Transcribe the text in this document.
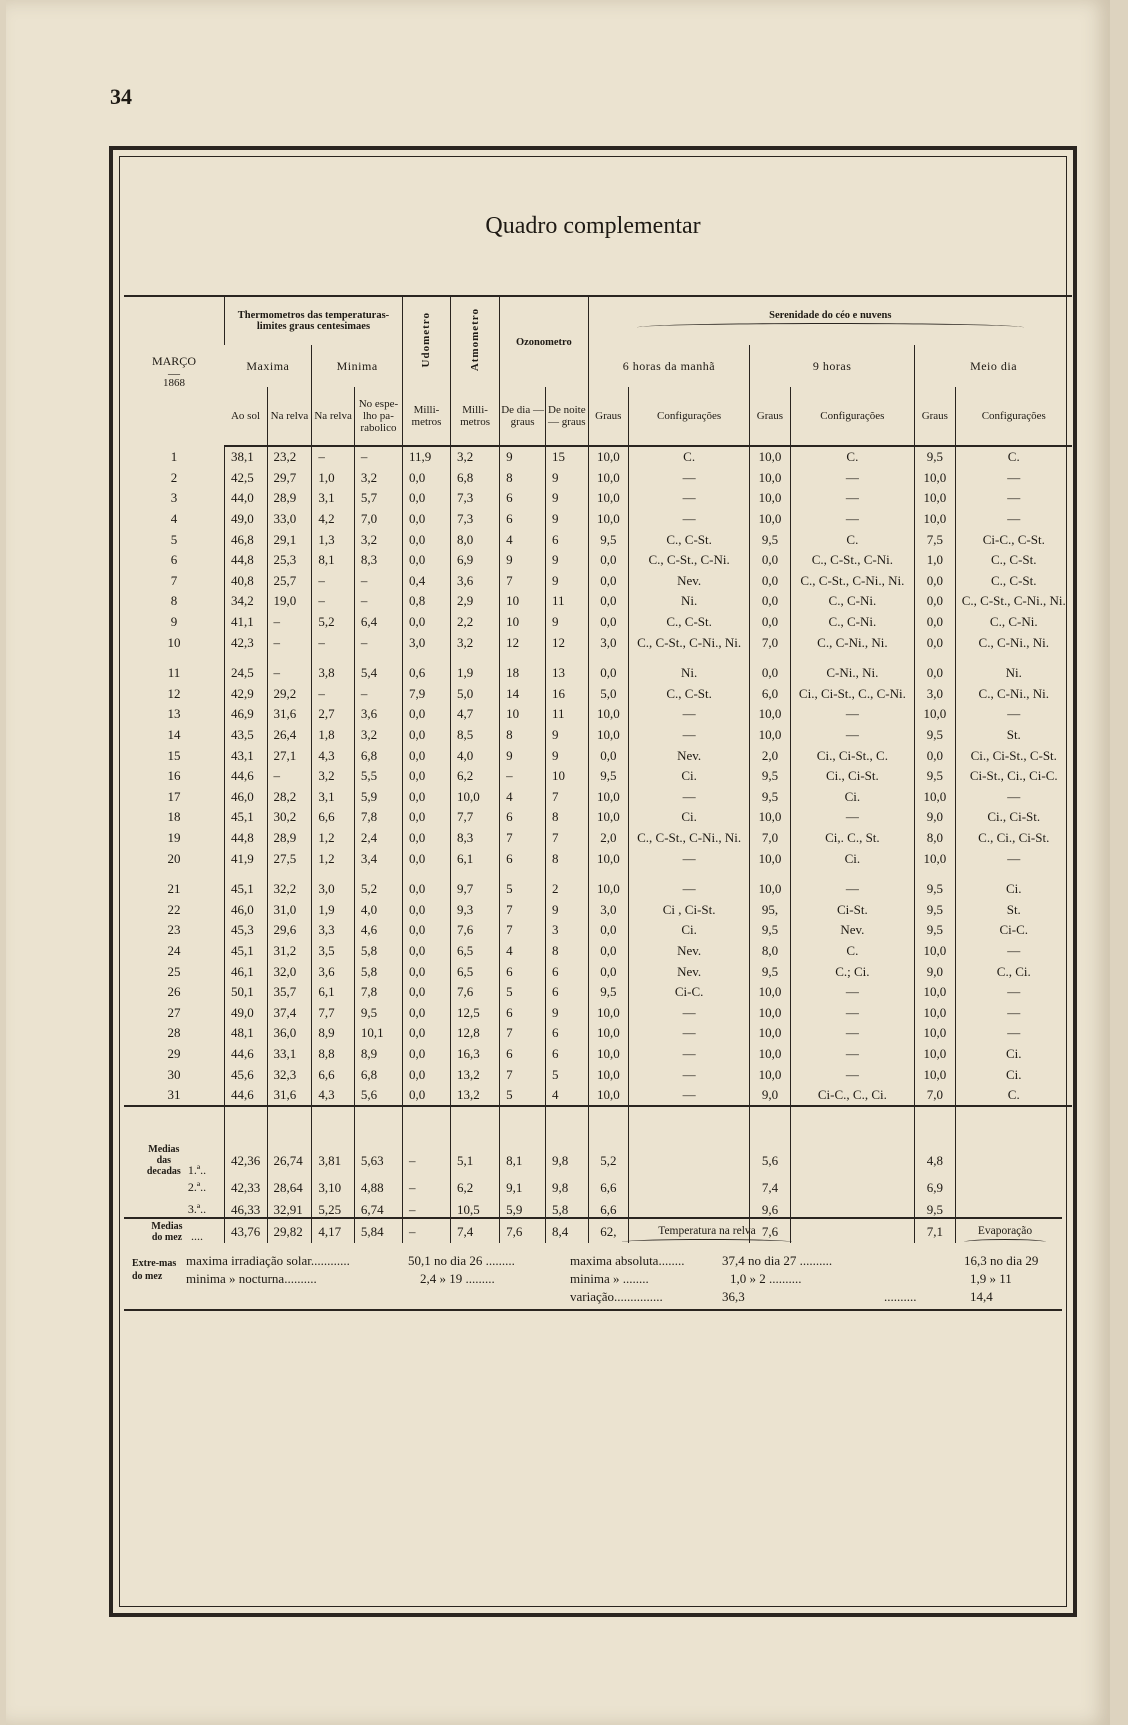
34
Quadro complementar
MARÇO
—
1868	Thermometros das temperaturas-limites graus centesimaes				Udometro	Atmometro	Ozonometro		Serenidade do céo e nuvens					

	Maxima		Minima						6 horas da manhã		9 horas		Meio dia	
	Ao sol	Na relva	Na relva	No espe-lho pa-rabolico	Milli-metros	Milli-metros	De dia — graus	De noite — graus	Graus	Configurações	Graus	Configurações	Graus	Configurações
1	38,1	23,2	–	–	11,9	3,2	9	15	10,0	C.	10,0	C.	9,5	C.
2	42,5	29,7	1,0	3,2	0,0	6,8	8	9	10,0	—	10,0	—	10,0	—
3	44,0	28,9	3,1	5,7	0,0	7,3	6	9	10,0	—	10,0	—	10,0	—
4	49,0	33,0	4,2	7,0	0,0	7,3	6	9	10,0	—	10,0	—	10,0	—
5	46,8	29,1	1,3	3,2	0,0	8,0	4	6	9,5	C., C-St.	9,5	C.	7,5	Ci-C., C-St.
6	44,8	25,3	8,1	8,3	0,0	6,9	9	9	0,0	C., C-St., C-Ni.	0,0	C., C-St., C-Ni.	1,0	C., C-St.
7	40,8	25,7	–	–	0,4	3,6	7	9	0,0	Nev.	0,0	C., C-St., C-Ni., Ni.	0,0	C., C-St.
8	34,2	19,0	–	–	0,8	2,9	10	11	0,0	Ni.	0,0	C., C-Ni.	0,0	C., C-St., C-Ni., Ni.
9	41,1	–	5,2	6,4	0,0	2,2	10	9	0,0	C., C-St.	0,0	C., C-Ni.	0,0	C., C-Ni.
10	42,3	–	–	–	3,0	3,2	12	12	3,0	C., C-St., C-Ni., Ni.	7,0	C., C-Ni., Ni.	0,0	C., C-Ni., Ni.

11	24,5	–	3,8	5,4	0,6	1,9	18	13	0,0	Ni.	0,0	C-Ni., Ni.	0,0	Ni.
12	42,9	29,2	–	–	7,9	5,0	14	16	5,0	C., C-St.	6,0	Ci., Ci-St., C., C-Ni.	3,0	C., C-Ni., Ni.
13	46,9	31,6	2,7	3,6	0,0	4,7	10	11	10,0	—	10,0	—	10,0	—
14	43,5	26,4	1,8	3,2	0,0	8,5	8	9	10,0	—	10,0	—	9,5	St.
15	43,1	27,1	4,3	6,8	0,0	4,0	9	9	0,0	Nev.	2,0	Ci., Ci-St., C.	0,0	Ci., Ci-St., C-St.
16	44,6	–	3,2	5,5	0,0	6,2	–	10	9,5	Ci.	9,5	Ci., Ci-St.	9,5	Ci-St., Ci., Ci-C.
17	46,0	28,2	3,1	5,9	0,0	10,0	4	7	10,0	—	9,5	Ci.	10,0	—
18	45,1	30,2	6,6	7,8	0,0	7,7	6	8	10,0	Ci.	10,0	—	9,0	Ci., Ci-St.
19	44,8	28,9	1,2	2,4	0,0	8,3	7	7	2,0	C., C-St., C-Ni., Ni.	7,0	Ci,. C., St.	8,0	C., Ci., Ci-St.
20	41,9	27,5	1,2	3,4	0,0	6,1	6	8	10,0	—	10,0	Ci.	10,0	—

21	45,1	32,2	3,0	5,2	0,0	9,7	5	2	10,0	—	10,0	—	9,5	Ci.
22	46,0	31,0	1,9	4,0	0,0	9,3	7	9	3,0	Ci , Ci-St.	95,	Ci-St.	9,5	St.
23	45,3	29,6	3,3	4,6	0,0	7,6	7	3	0,0	Ci.	9,5	Nev.	9,5	Ci-C.
24	45,1	31,2	3,5	5,8	0,0	6,5	4	8	0,0	Nev.	8,0	C.	10,0	—
25	46,1	32,0	3,6	5,8	0,0	6,5	6	6	0,0	Nev.	9,5	C.; Ci.	9,0	C., Ci.
26	50,1	35,7	6,1	7,8	0,0	7,6	5	6	9,5	Ci-C.	10,0	—	10,0	—
27	49,0	37,4	7,7	9,5	0,0	12,5	6	9	10,0	—	10,0	—	10,0	—
28	48,1	36,0	8,9	10,1	0,0	12,8	7	6	10,0	—	10,0	—	10,0	—
29	44,6	33,1	8,8	8,9	0,0	16,3	6	6	10,0	—	10,0	—	10,0	Ci.
30	45,6	32,3	6,6	6,8	0,0	13,2	7	5	10,0	—	10,0	—	10,0	Ci.
31	44,6	31,6	4,3	5,6	0,0	13,2	5	4	10,0	—	9,0	Ci-C., C., Ci.	7,0	C.

Medias das decadas 1.ª..	42,36	26,74	3,81	5,63	–	5,1	8,1	9,8	5,2		5,6		4,8	
2.ª..	42,33	28,64	3,10	4,88	–	6,2	9,1	9,8	6,6		7,4		6,9	
3.ª..	46,33	32,91	5,25	6,74	–	10,5	5,9	5,8	6,6		9,6		9,5	
Medias do mez ....	43,76	29,82	4,17	5,84	–	7,4	7,6	8,4	62,		7,6		7,1	
Extre-mas do mez
Temperatura na relva	Evaporação
maxima irradiação solar............	50,1 no dia 26 .........	maxima absoluta........	37,4 no dia 27 ..........	16,3 no dia 29
minima » nocturna..........	2,4 » 19 .........	minima » ........	1,0 » 2 ..........	1,9 » 11
variação...............	36,3	..........	14,4
